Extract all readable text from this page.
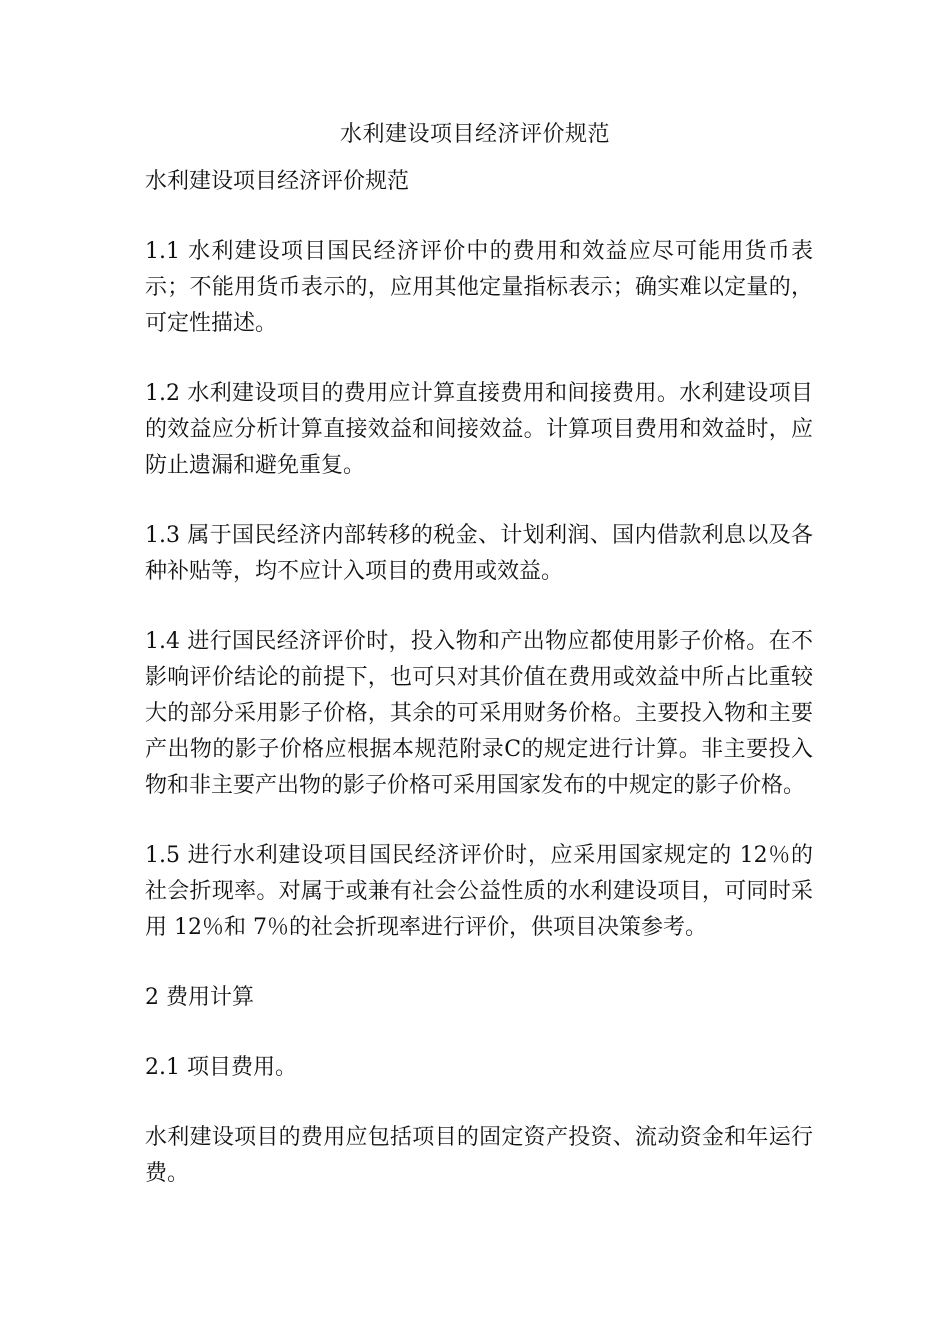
水利建设项目经济评价规范

水利建设项目经济评价规范

1.1 水利建设项目国民经济评价中的费用和效益应尽可能用货币表示；不能用货币表示的，应用其他定量指标表示；确实难以定量的，可定性描述。

1.2 水利建设项目的费用应计算直接费用和间接费用。水利建设项目的效益应分析计算直接效益和间接效益。计算项目费用和效益时，应防止遗漏和避免重复。

1.3 属于国民经济内部转移的税金、计划利润、国内借款利息以及各种补贴等，均不应计入项目的费用或效益。

1.4 进行国民经济评价时，投入物和产出物应都使用影子价格。在不影响评价结论的前提下，也可只对其价值在费用或效益中所占比重较大的部分采用影子价格，其余的可采用财务价格。主要投入物和主要产出物的影子价格应根据本规范附录C的规定进行计算。非主要投入物和非主要产出物的影子价格可采用国家发布的中规定的影子价格。

1.5 进行水利建设项目国民经济评价时，应采用国家规定的 12％的社会折现率。对属于或兼有社会公益性质的水利建设项目，可同时采用 12％和 7％的社会折现率进行评价，供项目决策参考。

2 费用计算

2.1 项目费用。

水利建设项目的费用应包括项目的固定资产投资、流动资金和年运行费。
